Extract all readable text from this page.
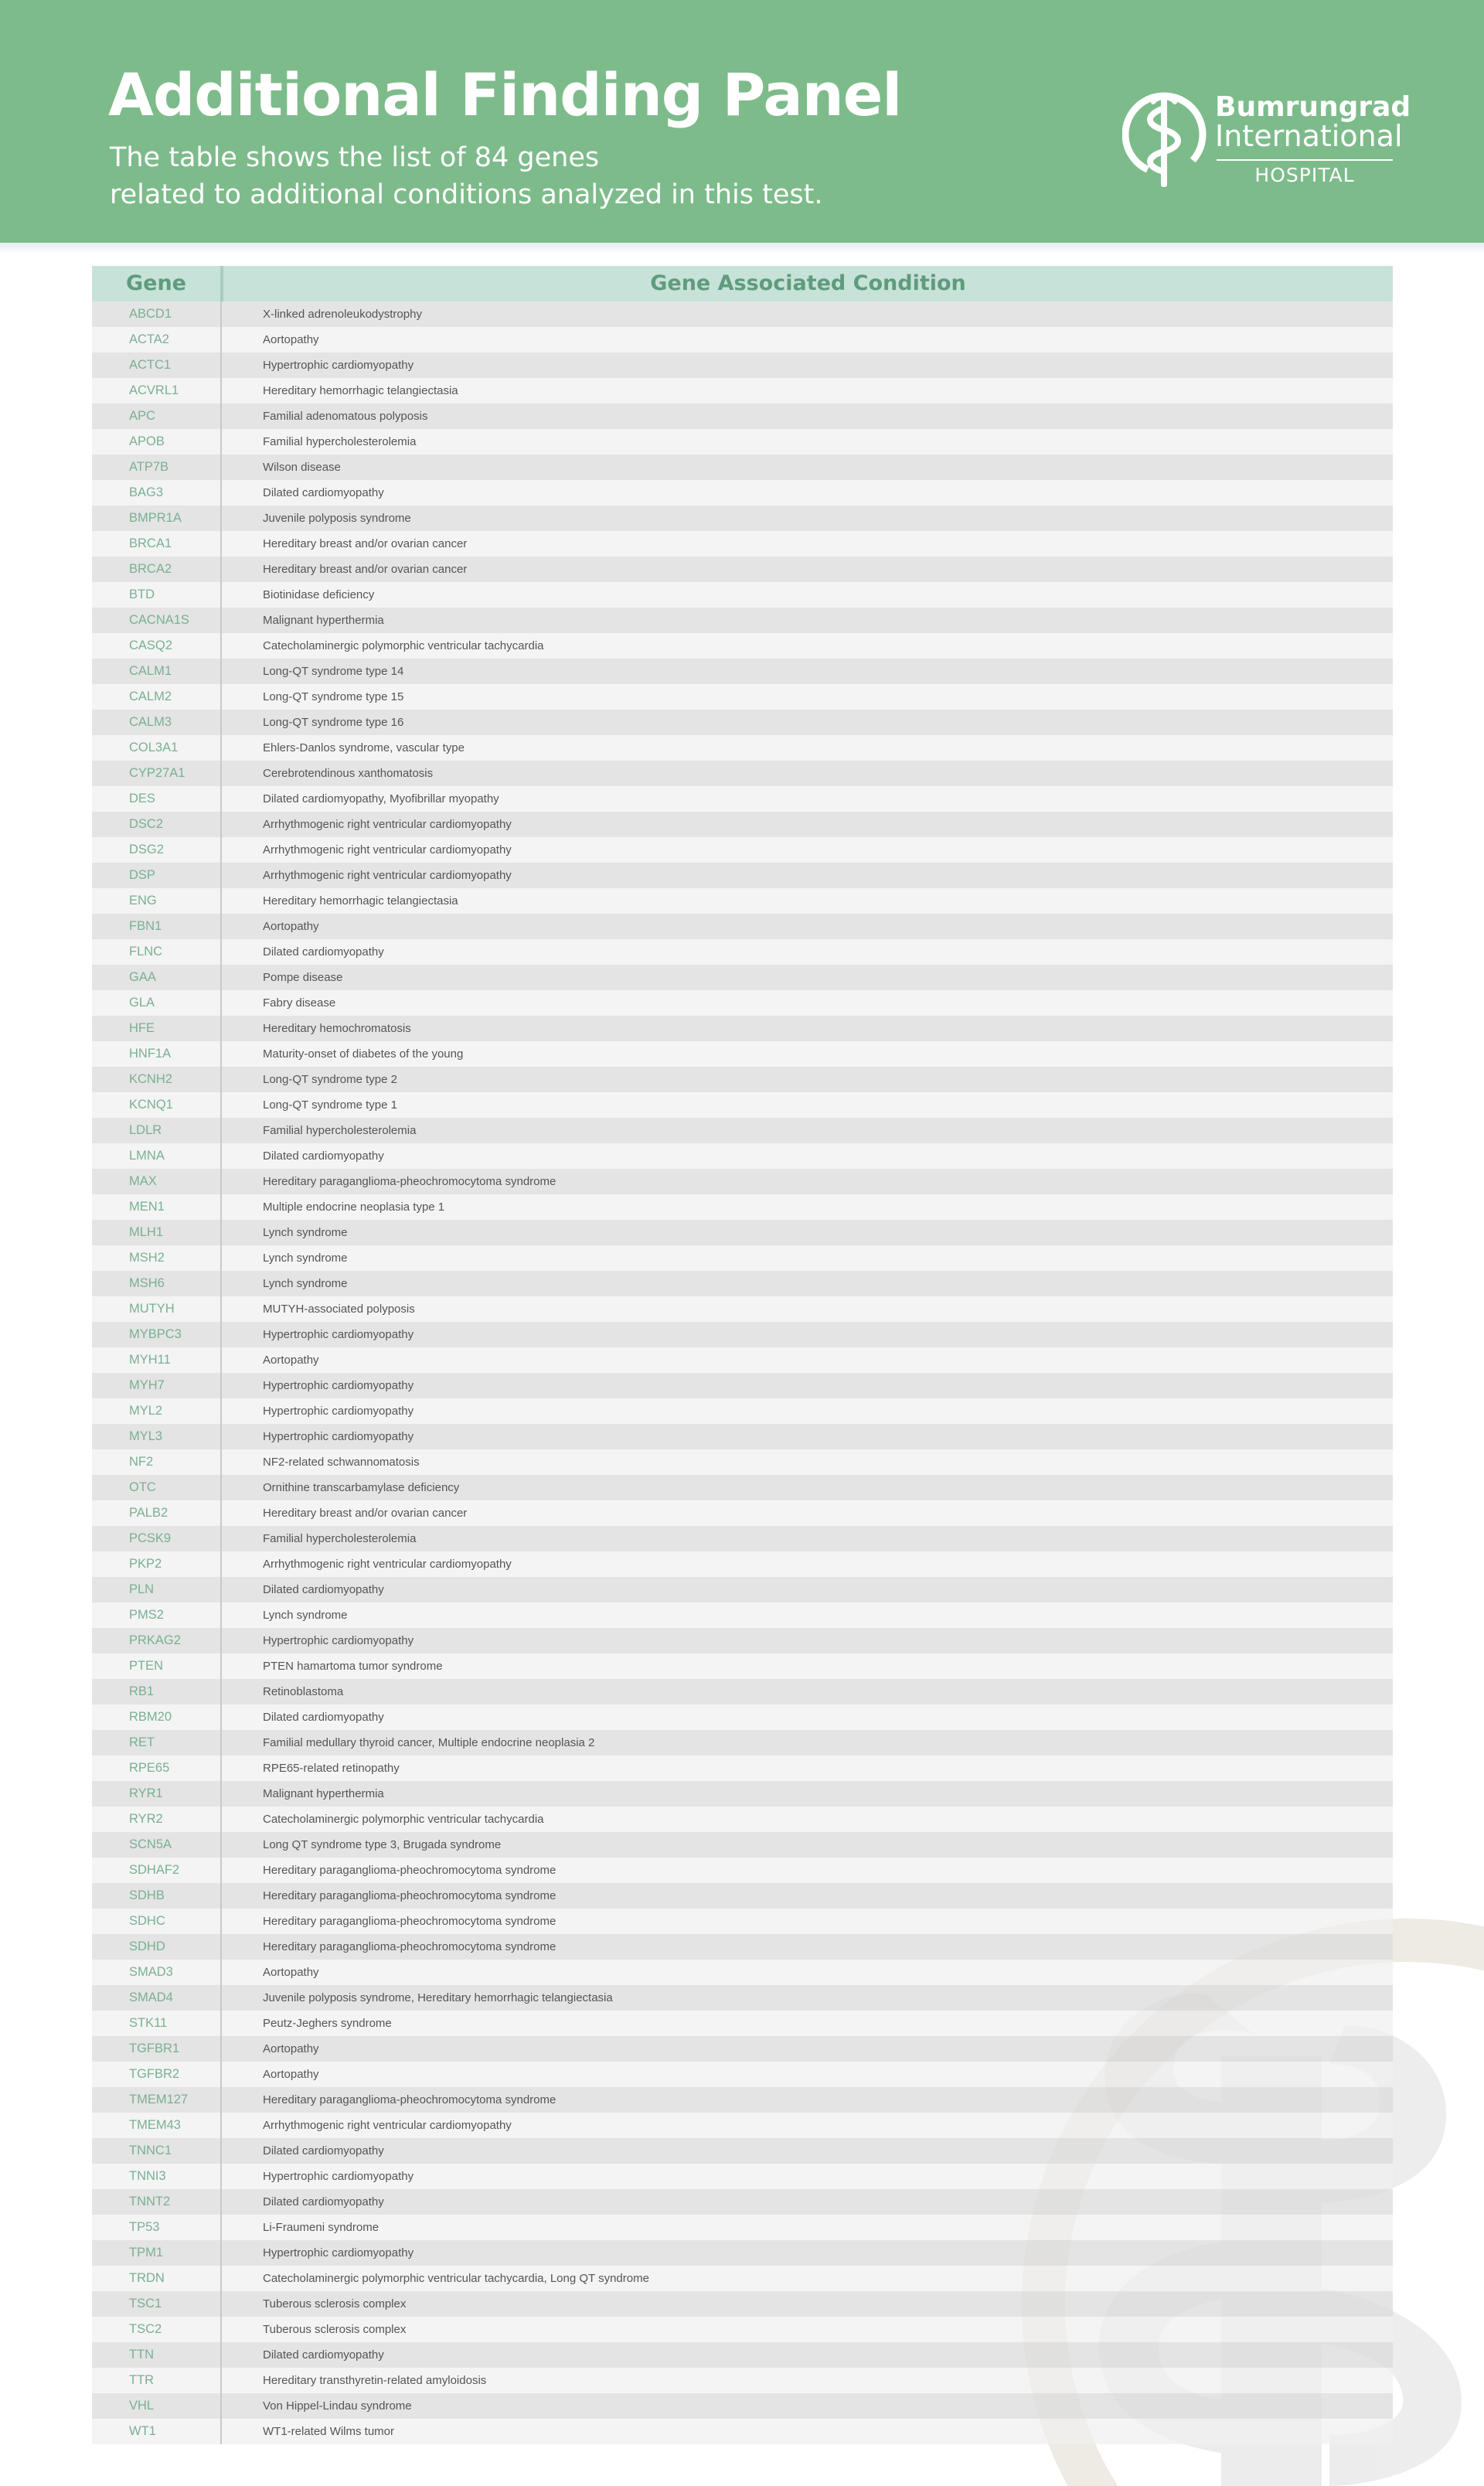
Additional Finding Panel

The table shows the list of 84 genes
related to additional conditions analyzed in this test.

Bumrungrad
International
HOSPITAL
Gene	Gene Associated Condition
ABCD1	X-linked adrenoleukodystrophy
ACTA2	Aortopathy
ACTC1	Hypertrophic cardiomyopathy
ACVRL1	Hereditary hemorrhagic telangiectasia
APC	Familial adenomatous polyposis
APOB	Familial hypercholesterolemia
ATP7B	Wilson disease
BAG3	Dilated cardiomyopathy
BMPR1A	Juvenile polyposis syndrome
BRCA1	Hereditary breast and/or ovarian cancer
BRCA2	Hereditary breast and/or ovarian cancer
BTD	Biotinidase deficiency
CACNA1S	Malignant hyperthermia
CASQ2	Catecholaminergic polymorphic ventricular tachycardia
CALM1	Long-QT syndrome type 14
CALM2	Long-QT syndrome type 15
CALM3	Long-QT syndrome type 16
COL3A1	Ehlers-Danlos syndrome, vascular type
CYP27A1	Cerebrotendinous xanthomatosis
DES	Dilated cardiomyopathy, Myofibrillar myopathy
DSC2	Arrhythmogenic right ventricular cardiomyopathy
DSG2	Arrhythmogenic right ventricular cardiomyopathy
DSP	Arrhythmogenic right ventricular cardiomyopathy
ENG	Hereditary hemorrhagic telangiectasia
FBN1	Aortopathy
FLNC	Dilated cardiomyopathy
GAA	Pompe disease
GLA	Fabry disease
HFE	Hereditary hemochromatosis
HNF1A	Maturity-onset of diabetes of the young
KCNH2	Long-QT syndrome type 2
KCNQ1	Long-QT syndrome type 1
LDLR	Familial hypercholesterolemia
LMNA	Dilated cardiomyopathy
MAX	Hereditary paraganglioma-pheochromocytoma syndrome
MEN1	Multiple endocrine neoplasia type 1
MLH1	Lynch syndrome
MSH2	Lynch syndrome
MSH6	Lynch syndrome
MUTYH	MUTYH-associated polyposis
MYBPC3	Hypertrophic cardiomyopathy
MYH11	Aortopathy
MYH7	Hypertrophic cardiomyopathy
MYL2	Hypertrophic cardiomyopathy
MYL3	Hypertrophic cardiomyopathy
NF2	NF2-related schwannomatosis
OTC	Ornithine transcarbamylase deficiency
PALB2	Hereditary breast and/or ovarian cancer
PCSK9	Familial hypercholesterolemia
PKP2	Arrhythmogenic right ventricular cardiomyopathy
PLN	Dilated cardiomyopathy
PMS2	Lynch syndrome
PRKAG2	Hypertrophic cardiomyopathy
PTEN	PTEN hamartoma tumor syndrome
RB1	Retinoblastoma
RBM20	Dilated cardiomyopathy
RET	Familial medullary thyroid cancer, Multiple endocrine neoplasia 2
RPE65	RPE65-related retinopathy
RYR1	Malignant hyperthermia
RYR2	Catecholaminergic polymorphic ventricular tachycardia
SCN5A	Long QT syndrome type 3, Brugada syndrome
SDHAF2	Hereditary paraganglioma-pheochromocytoma syndrome
SDHB	Hereditary paraganglioma-pheochromocytoma syndrome
SDHC	Hereditary paraganglioma-pheochromocytoma syndrome
SDHD	Hereditary paraganglioma-pheochromocytoma syndrome
SMAD3	Aortopathy
SMAD4	Juvenile polyposis syndrome, Hereditary hemorrhagic telangiectasia
STK11	Peutz-Jeghers syndrome
TGFBR1	Aortopathy
TGFBR2	Aortopathy
TMEM127	Hereditary paraganglioma-pheochromocytoma syndrome
TMEM43	Arrhythmogenic right ventricular cardiomyopathy
TNNC1	Dilated cardiomyopathy
TNNI3	Hypertrophic cardiomyopathy
TNNT2	Dilated cardiomyopathy
TP53	Li-Fraumeni syndrome
TPM1	Hypertrophic cardiomyopathy
TRDN	Catecholaminergic polymorphic ventricular tachycardia, Long QT syndrome
TSC1	Tuberous sclerosis complex
TSC2	Tuberous sclerosis complex
TTN	Dilated cardiomyopathy
TTR	Hereditary transthyretin-related amyloidosis
VHL	Von Hippel-Lindau syndrome
WT1	WT1-related Wilms tumor
